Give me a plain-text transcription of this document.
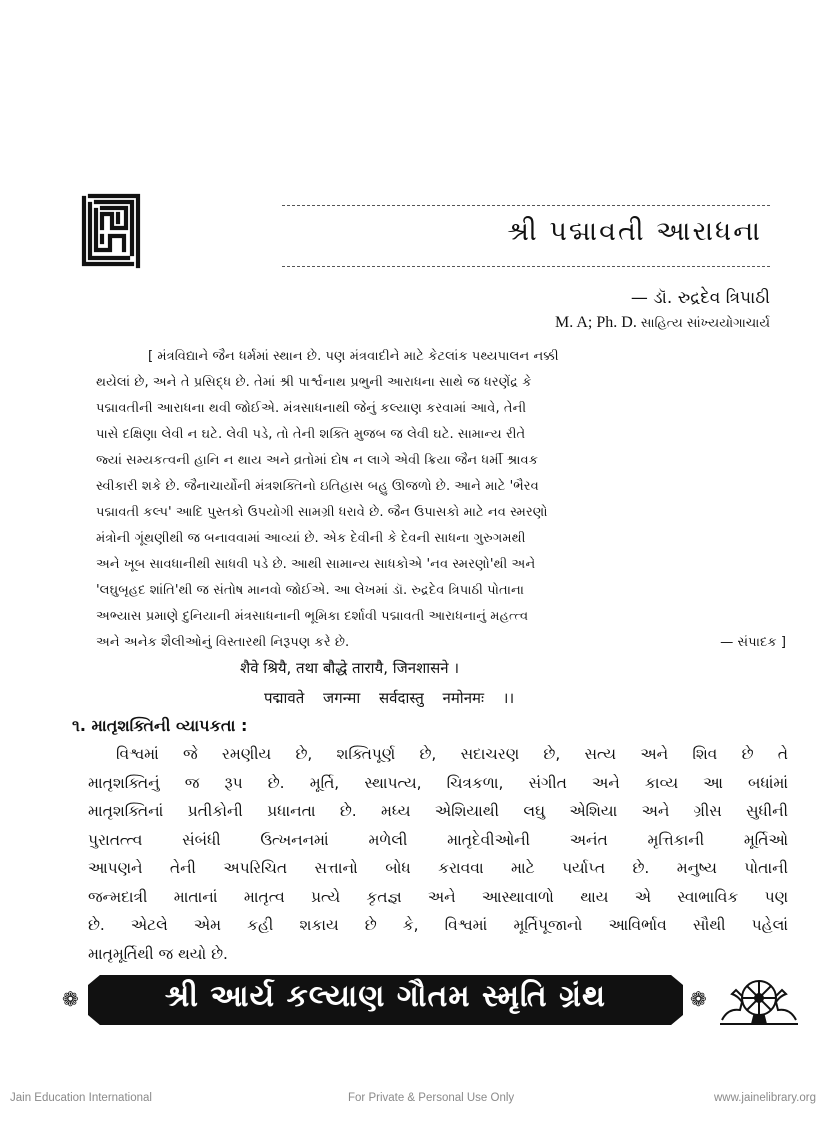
શ્રી પદ્માવતી આરાધના
— ડૉ. રુદ્રદેવ ત્રિપાઠી
M. A; Ph. D. સાહિત્ય સાંખ્યયોગાચાર્ય
[ મંત્રવિદ્યાને જૈન ધર્મમાં સ્થાન છે. પણ મંત્રવાદીને માટે કેટલાંક પથ્યપાલન નક્કી
થયેલાં છે, અને તે પ્રસિદ્ધ છે. તેમાં શ્રી પાર્શ્વનાથ પ્રભુની આરાધના સાથે જ ધરણેંદ્ર કે
પદ્માવતીની આરાધના થવી જોઈએ. મંત્રસાધનાથી જેનું કલ્યાણ કરવામાં આવે, તેની
પાસે દક્ષિણા લેવી ન ઘટે. લેવી પડે, તો તેની શક્તિ મુજબ જ લેવી ઘટે. સામાન્ય રીતે
જ્યાં સમ્યકત્વની હાનિ ન થાય અને વ્રતોમાં દોષ ન લાગે એવી ક્રિયા જૈન ધર્મી શ્રાવક
સ્વીકારી શકે છે. જૈનાચાર્યોની મંત્રશક્તિનો ઇતિહાસ બહુ ઊજળો છે. આને માટે 'ભૈરવ
પદ્માવતી કલ્પ' આદિ પુસ્તકો ઉપયોગી સામગ્રી ધરાવે છે. જૈન ઉપાસકો માટે નવ સ્મરણો
મંત્રોની ગૂંથણીથી જ બનાવવામાં આવ્યાં છે. એક દેવીની કે દેવની સાધના ગુરુગમથી
અને ખૂબ સાવધાનીથી સાધવી પડે છે. આથી સામાન્ય સાધકોએ 'નવ સ્મરણો'થી અને
'લઘુબૃહદ શાંતિ'થી જ સંતોષ માનવો જોઈએ. આ લેખમાં ડૉ. રુદ્રદેવ ત્રિપાઠી પોતાના
અભ્યાસ પ્રમાણે દુનિયાની મંત્રસાધનાની ભૂમિકા દર્શાવી પદ્માવતી આરાધનાનું મહત્ત્વ
અને અનેક શૈલીઓનું વિસ્તારથી નિરૂપણ કરે છે.	— સંપાદક ]
शैवे श्रियै, तथा बौद्धे तारायै, जिनशासने ।
पद्मावते जगन्मा सर्वदास्तु नमोनमः ।।
૧. માતૃશક્તિની વ્યાપકતા :
વિશ્વમાં જે રમણીય છે, શક્તિપૂર્ણ છે, સદાચરણ છે, સત્ય અને શિવ છે તે
માતૃશક્તિનું જ રૂપ છે. મૂર્તિ, સ્થાપત્ય, ચિત્રકળા, સંગીત અને કાવ્ય આ બધાંમાં
માતૃશક્તિનાં પ્રતીકોની પ્રધાનતા છે. મધ્ય એશિયાથી લઘુ એશિયા અને ગ્રીસ સુધીની
પુરાતત્ત્વ સંબંધી ઉત્ખનનમાં મળેલી માતૃદેવીઓની અનંત મૃત્તિકાની મૂર્તિઓ
આપણને તેની અપરિચિત સત્તાનો બોધ કરાવવા માટે પર્યાપ્ત છે. મનુષ્ય પોતાની
જન્મદાત્રી માતાનાં માતૃત્વ પ્રત્યે કૃતજ્ઞ અને આસ્થાવાળો થાય એ સ્વાભાવિક પણ
છે. એટલે એમ કહી શકાય છે કે, વિશ્વમાં મૂર્તિપૂજાનો આવિર્ભાવ સૌથી પહેલાં
માતૃમૂર્તિથી જ થયો છે.
❁	શ્રી આર્ય કલ્યાણ ગૌતમ સ્મૃતિ ગ્રંથ	❁
Jain Education International	For Private & Personal Use Only	www.jainelibrary.org
